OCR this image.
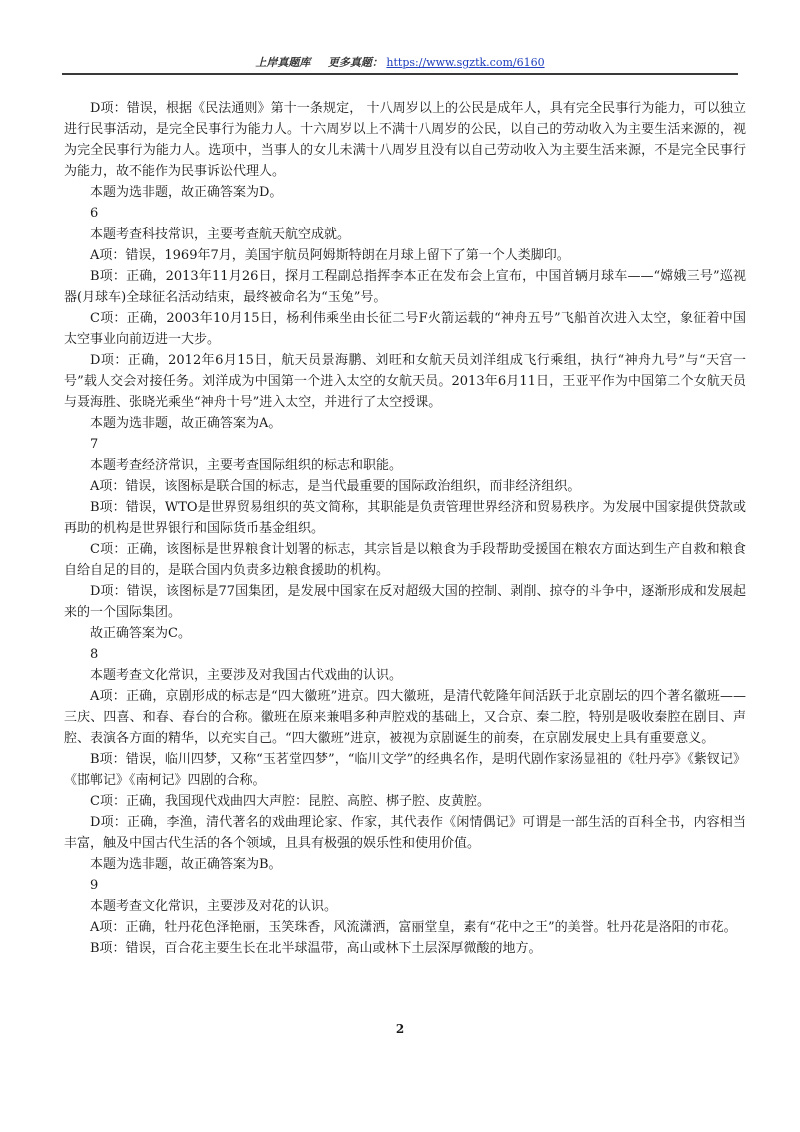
上岸真题库 更多真题： https://www.sgztk.com/6160

D项：错误，根据《民法通则》第十一条规定， 十八周岁以上的公民是成年人，具有完全民事行为能力，可以独立进行民事活动，是完全民事行为能力人。十六周岁以上不满十八周岁的公民，以自己的劳动收入为主要生活来源的，视为完全民事行为能力人。选项中，当事人的女儿未满十八周岁且没有以自己劳动收入为主要生活来源，不是完全民事行为能力，故不能作为民事诉讼代理人。

本题为选非题，故正确答案为D。

6

本题考查科技常识，主要考查航天航空成就。

A项：错误，1969年7月，美国宇航员阿姆斯特朗在月球上留下了第一个人类脚印。

B项：正确，2013年11月26日，探月工程副总指挥李本正在发布会上宣布，中国首辆月球车——“嫦娥三号”巡视器(月球车)全球征名活动结束，最终被命名为“玉兔”号。

C项：正确，2003年10月15日，杨利伟乘坐由长征二号F火箭运载的“神舟五号”飞船首次进入太空，象征着中国太空事业向前迈进一大步。

D项：正确，2012年6月15日，航天员景海鹏、刘旺和女航天员刘洋组成飞行乘组，执行“神舟九号”与“天宫一号”载人交会对接任务。刘洋成为中国第一个进入太空的女航天员。2013年6月11日，王亚平作为中国第二个女航天员与聂海胜、张晓光乘坐“神舟十号”进入太空，并进行了太空授课。

本题为选非题，故正确答案为A。

7

本题考查经济常识，主要考查国际组织的标志和职能。

A项：错误，该图标是联合国的标志，是当代最重要的国际政治组织，而非经济组织。

B项：错误，WTO是世界贸易组织的英文简称，其职能是负责管理世界经济和贸易秩序。为发展中国家提供贷款或再助的机构是世界银行和国际货币基金组织。

C项：正确，该图标是世界粮食计划署的标志，其宗旨是以粮食为手段帮助受援国在粮农方面达到生产自救和粮食自给自足的目的，是联合国内负责多边粮食援助的机构。

D项：错误，该图标是77国集团，是发展中国家在反对超级大国的控制、剥削、掠夺的斗争中，逐渐形成和发展起来的一个国际集团。

故正确答案为C。

8

本题考查文化常识，主要涉及对我国古代戏曲的认识。

A项：正确，京剧形成的标志是“四大徽班”进京。四大徽班，是清代乾隆年间活跃于北京剧坛的四个著名徽班——三庆、四喜、和春、春台的合称。徽班在原来兼唱多种声腔戏的基础上，又合京、秦二腔，特别是吸收秦腔在剧目、声腔、表演各方面的精华，以充实自己。“四大徽班”进京，被视为京剧诞生的前奏，在京剧发展史上具有重要意义。

B项：错误，临川四梦，又称“玉茗堂四梦”，“临川文学”的经典名作，是明代剧作家汤显祖的《牡丹亭》《紫钗记》《邯郸记》《南柯记》四剧的合称。

C项：正确，我国现代戏曲四大声腔：昆腔、高腔、梆子腔、皮黄腔。

D项：正确，李渔，清代著名的戏曲理论家、作家，其代表作《闲情偶记》可谓是一部生活的百科全书，内容相当丰富，触及中国古代生活的各个领域，且具有极强的娱乐性和使用价值。

本题为选非题，故正确答案为B。

9

本题考查文化常识，主要涉及对花的认识。

A项：正确，牡丹花色泽艳丽，玉笑珠香，风流潇洒，富丽堂皇，素有“花中之王”的美誉。牡丹花是洛阳的市花。

B项：错误，百合花主要生长在北半球温带，高山或林下土层深厚微酸的地方。

2
